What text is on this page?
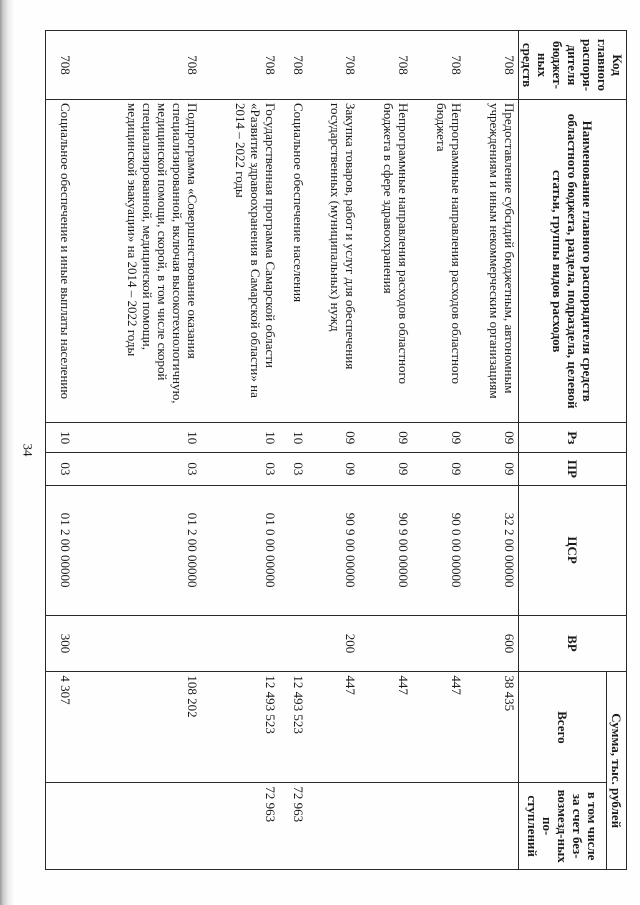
34
Код главного распоря-дителя бюджет-ных средств	Наименование главного распорядителя средств областного бюджета, раздела, подраздела, целевой статьи, группы видов расходов	Рз	ПР	ЦСР	ВР	Сумма, тыс. рублей	
						Всего	в том числе за счет без-возмезд-ных по-ступлений

708	Предоставление субсидий бюджетным, автономным учреждениям и иным некоммерческим организациям	09	09	32 2 00 00000	600	38 435	

708	Непрограммные направления расходов областного бюджета	09	09	90 0 00 00000		447	

708	Непрограммные направления расходов областного бюджета в сфере здравоохранения	09	09	90 9 00 00000		447	

708	Закупка товаров, работ и услуг для обеспечения государственных (муниципальных) нужд	09	09	90 9 00 00000	200	447	

708	Социальное обеспечение населения	10	03			12 493 523	72 963

708	Государственная программа Самарской области «Развитие здравоохранения в Самарской области» на 2014 – 2022 годы	10	03	01 0 00 00000		12 493 523	72 963

708	Подпрограмма «Совершенствование оказания специализированной, включая высокотехнологичную, медицинской помощи, скорой, в том числе скорой специализированной, медицинской помощи, медицинской эвакуации» на 2014 – 2022 годы	10	03	01 2 00 00000		108 202	

708	Социальное обеспечение и иные выплаты населению	10	03	01 2 00 00000	300	4 307	
